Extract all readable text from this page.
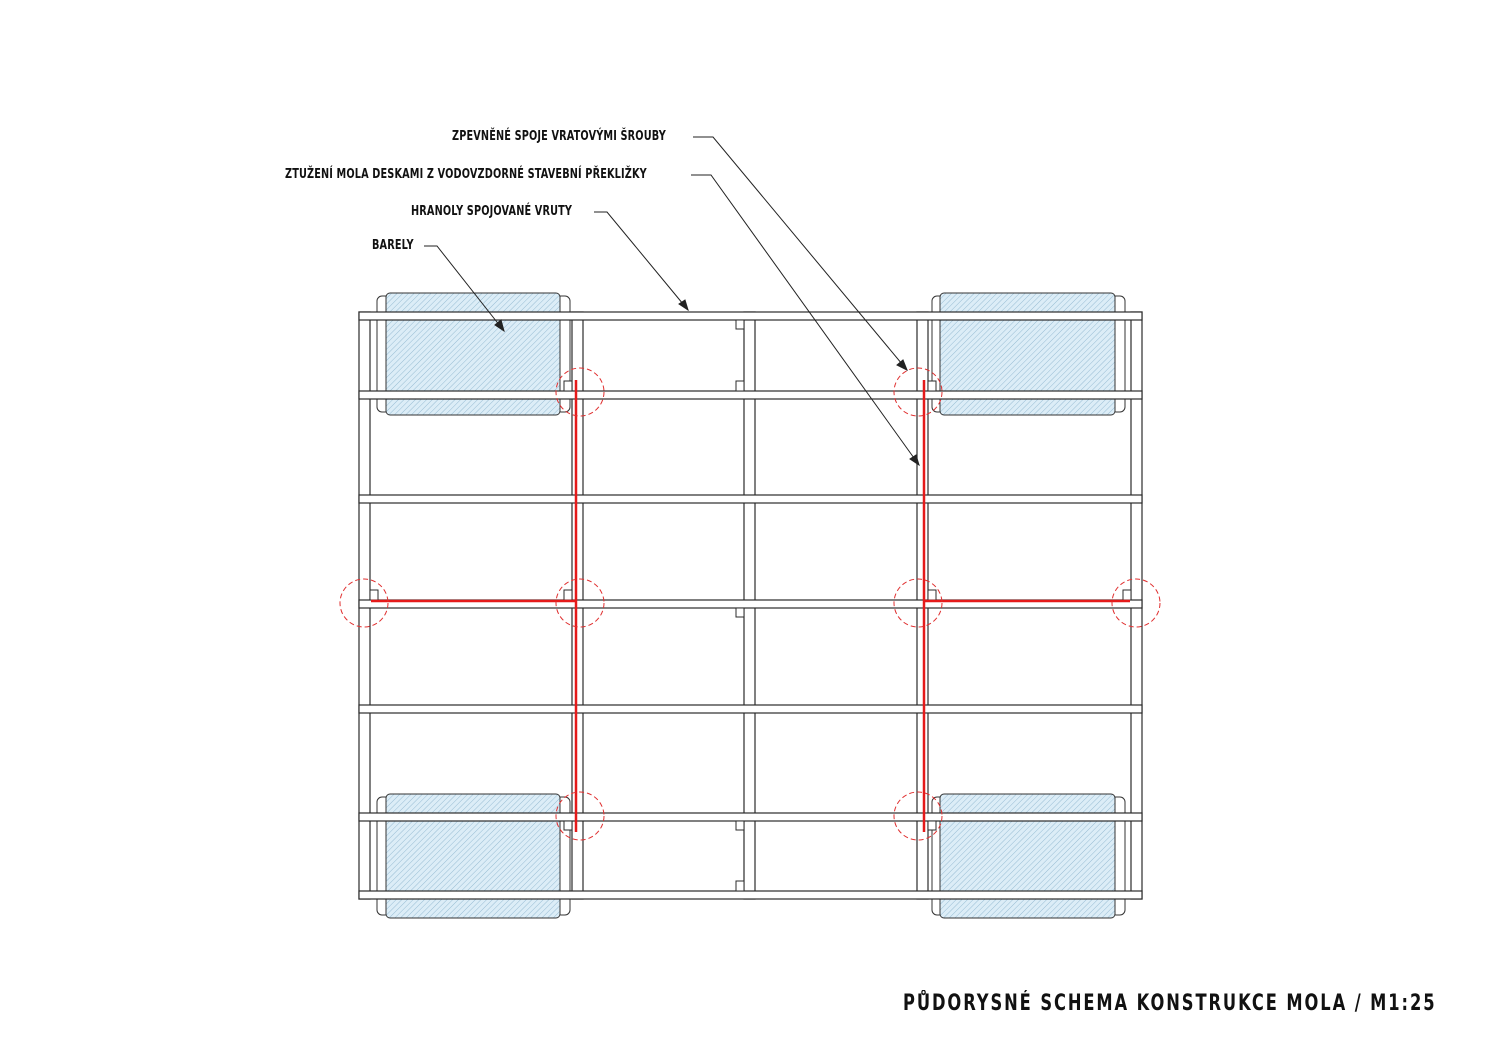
ZPEVNĚNÉ SPOJE VRATOVÝMI ŠROUBY
ZTUŽENÍ MOLA DESKAMI Z VODOVZDORNÉ STAVEBNÍ PŘEKLIŽKY
HRANOLY SPOJOVANÉ VRUTY
BARELY
PŮDORYSNÉ SCHEMA KONSTRUKCE MOLA / M1:25
